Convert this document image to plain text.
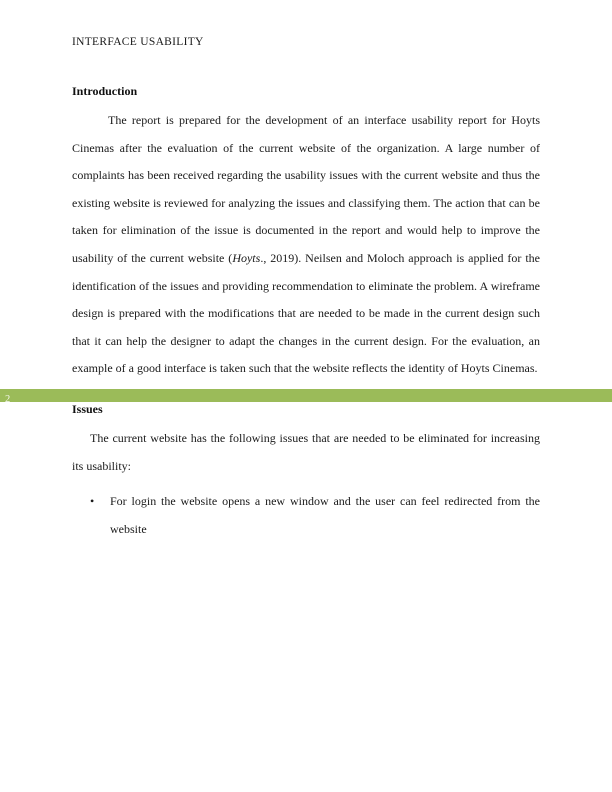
INTERFACE USABILITY
Introduction

The report is prepared for the development of an interface usability report for Hoyts Cinemas after the evaluation of the current website of the organization. A large number of complaints has been received regarding the usability issues with the current website and thus the existing website is reviewed for analyzing the issues and classifying them. The action that can be taken for elimination of the issue is documented in the report and would help to improve the usability of the current website (Hoyts., 2019). Neilsen and Moloch approach is applied for the identification of the issues and providing recommendation to eliminate the problem. A wireframe design is prepared with the modifications that are needed to be made in the current design such that it can help the designer to adapt the changes in the current design. For the evaluation, an example of a good interface is taken such that the website reflects the identity of Hoyts Cinemas.

2
Issues

The current website has the following issues that are needed to be eliminated for increasing its usability:

• For login the website opens a new window and the user can feel redirected from the website
